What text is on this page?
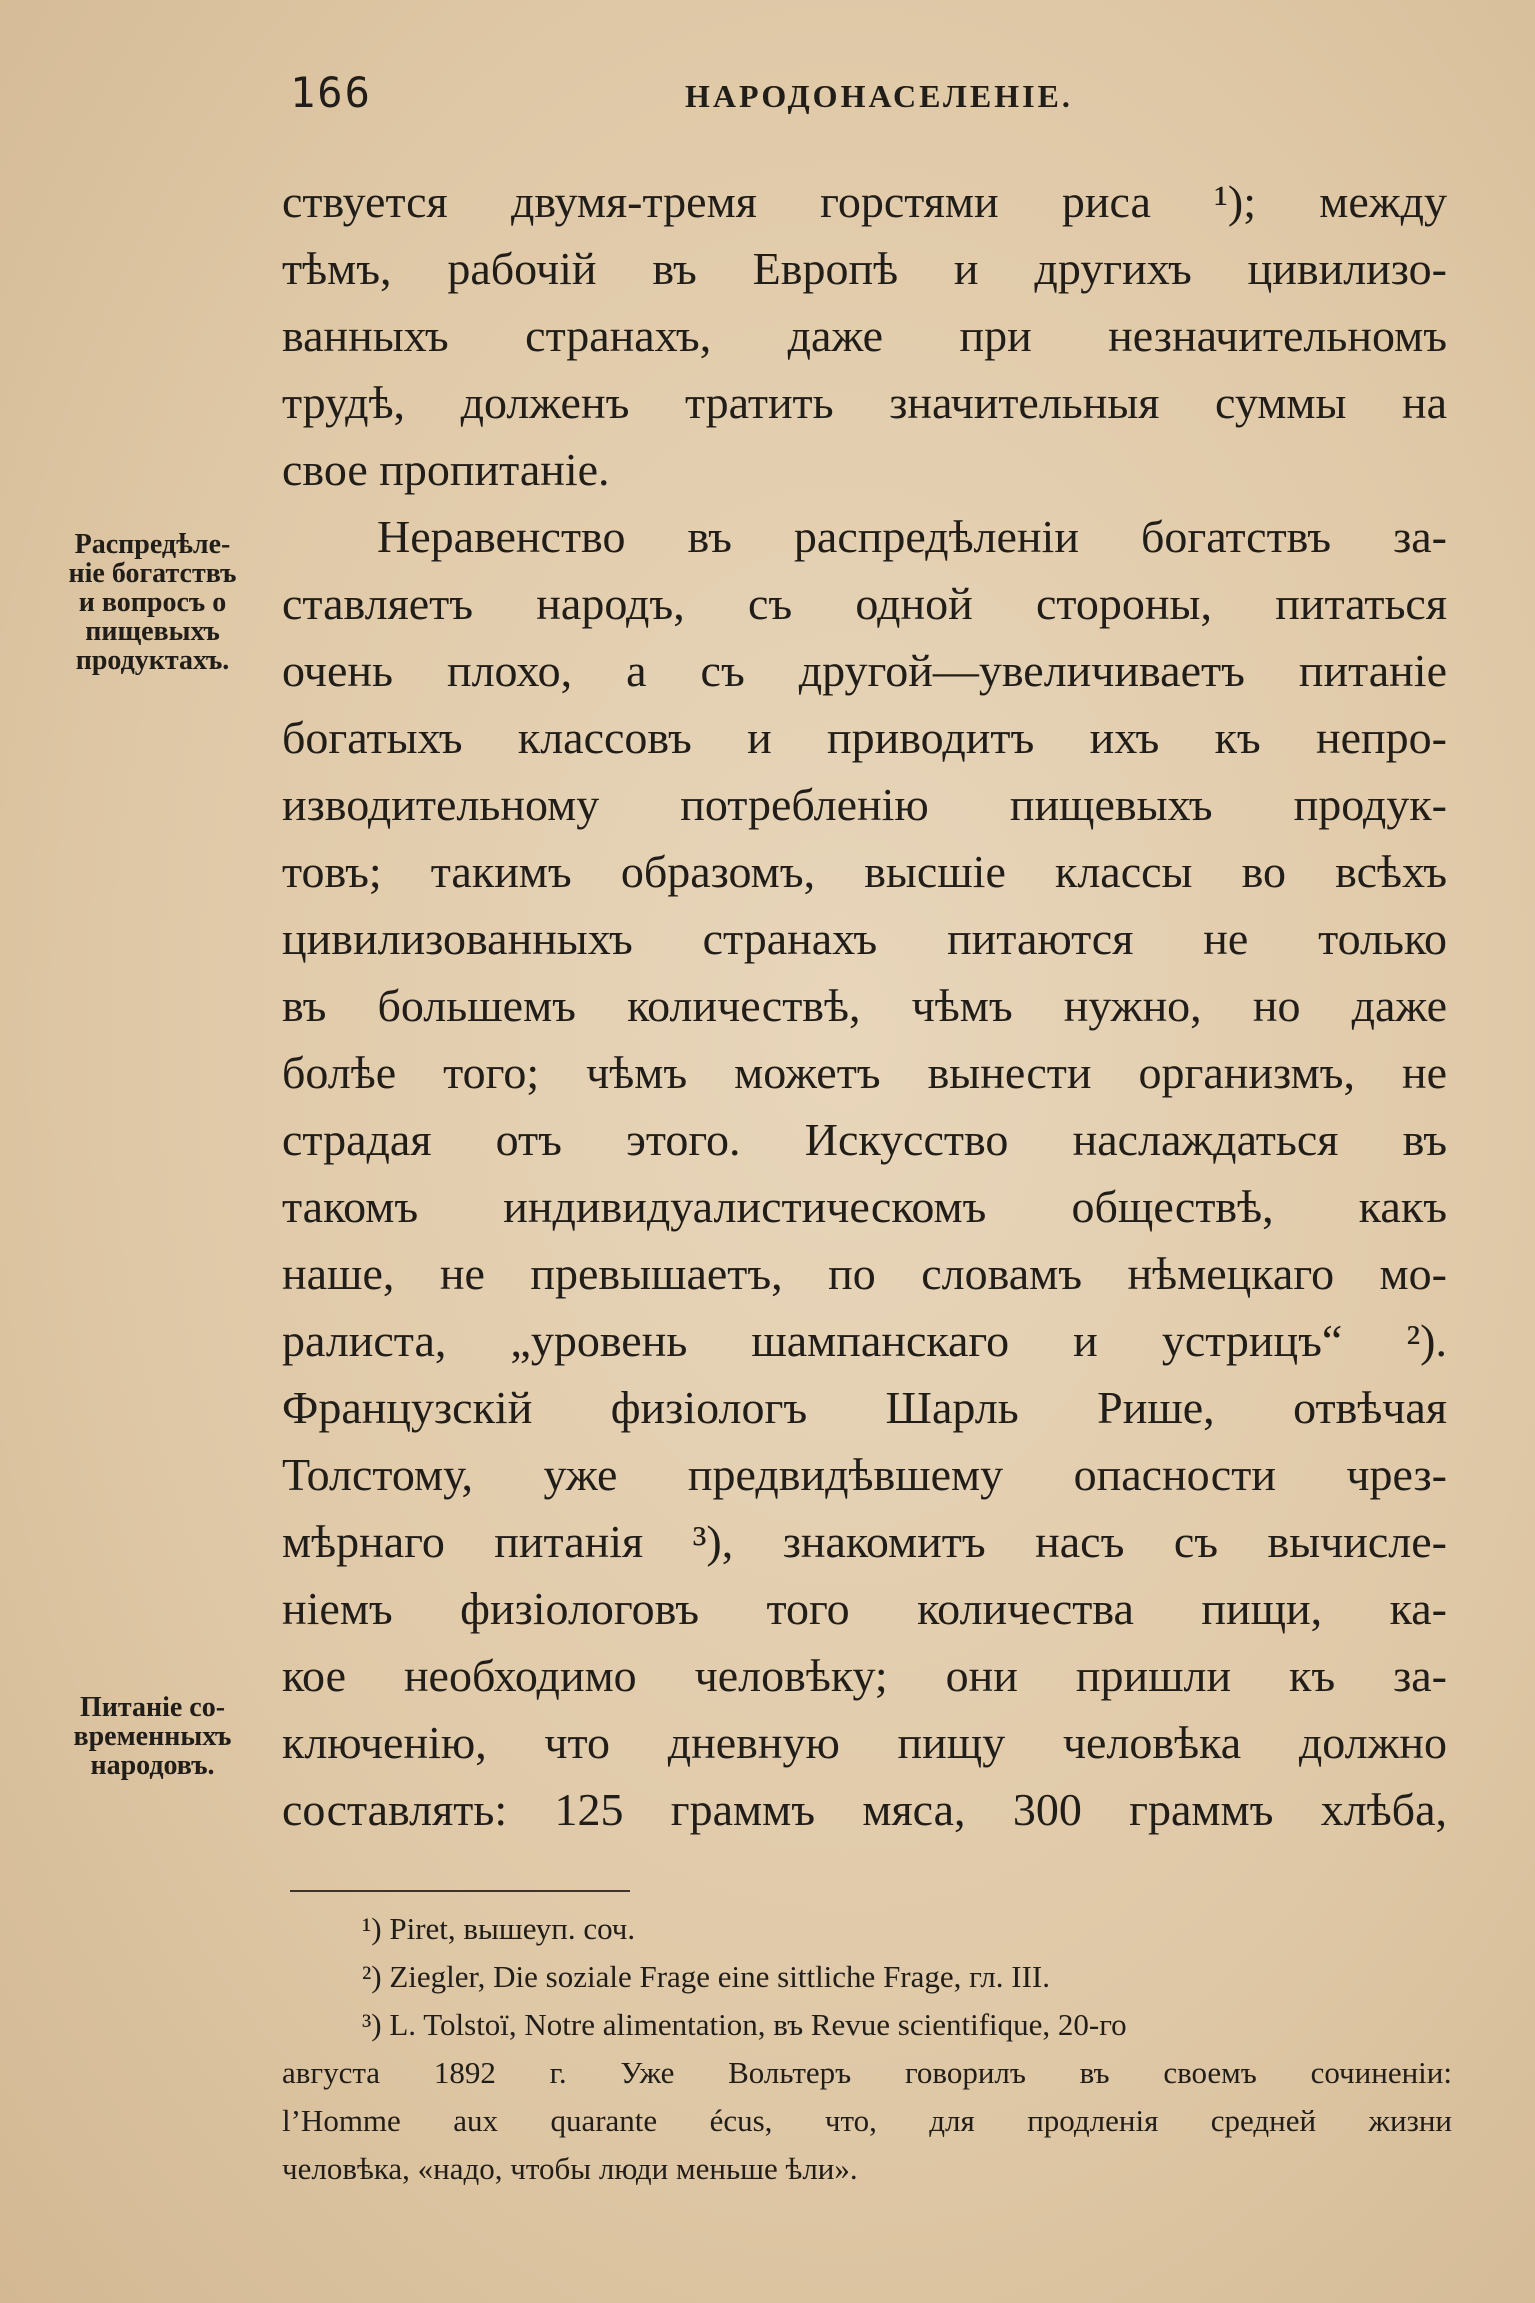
166	НАРОДОНАСЕЛЕНІЕ.
ствуется двумя-тремя горстями риса ¹); между
тѣмъ, рабочій въ Европѣ и другихъ цивилизо-
ванныхъ странахъ, даже при незначительномъ
трудѣ, долженъ тратить значительныя суммы на
свое пропитаніе.
Неравенство въ распредѣленіи богатствъ за-
ставляетъ народъ, съ одной стороны, питаться
очень плохо, а съ другой—увеличиваетъ питаніе
богатыхъ классовъ и приводитъ ихъ къ непро-
изводительному потребленію пищевыхъ продук-
товъ; такимъ образомъ, высшіе классы во всѣхъ
цивилизованныхъ странахъ питаются не только
въ большемъ количествѣ, чѣмъ нужно, но даже
болѣе того; чѣмъ можетъ вынести организмъ, не
страдая отъ этого. Искусство наслаждаться въ
такомъ индивидуалистическомъ обществѣ, какъ
наше, не превышаетъ, по словамъ нѣмецкаго мо-
ралиста, „уровень шампанскаго и устрицъ“ ²).
Французскій физіологъ Шарль Рише, отвѣчая
Толстому, уже предвидѣвшему опасности чрез-
мѣрнаго питанія ³), знакомитъ насъ съ вычисле-
ніемъ физіологовъ того количества пищи, ка-
кое необходимо человѣку; они пришли къ за-
ключенію, что дневную пищу человѣка должно
составлять: 125 граммъ мяса, 300 граммъ хлѣба,
Распредѣле-
ніе богатствъ
и вопросъ о
пищевыхъ
продуктахъ.
Питаніе со-
временныхъ
народовъ.
¹) Piret, вышеуп. соч.
²) Ziegler, Die soziale Frage eine sittliche Frage, гл. III.
³) L. Tolstoï, Notre alimentation, въ Revue scientifique, 20-го
августа 1892 г. Уже Вольтеръ говорилъ въ своемъ сочиненіи:
l’Homme aux quarante écus, что, для продленія средней жизни
человѣка, «надо, чтобы люди меньше ѣли».
